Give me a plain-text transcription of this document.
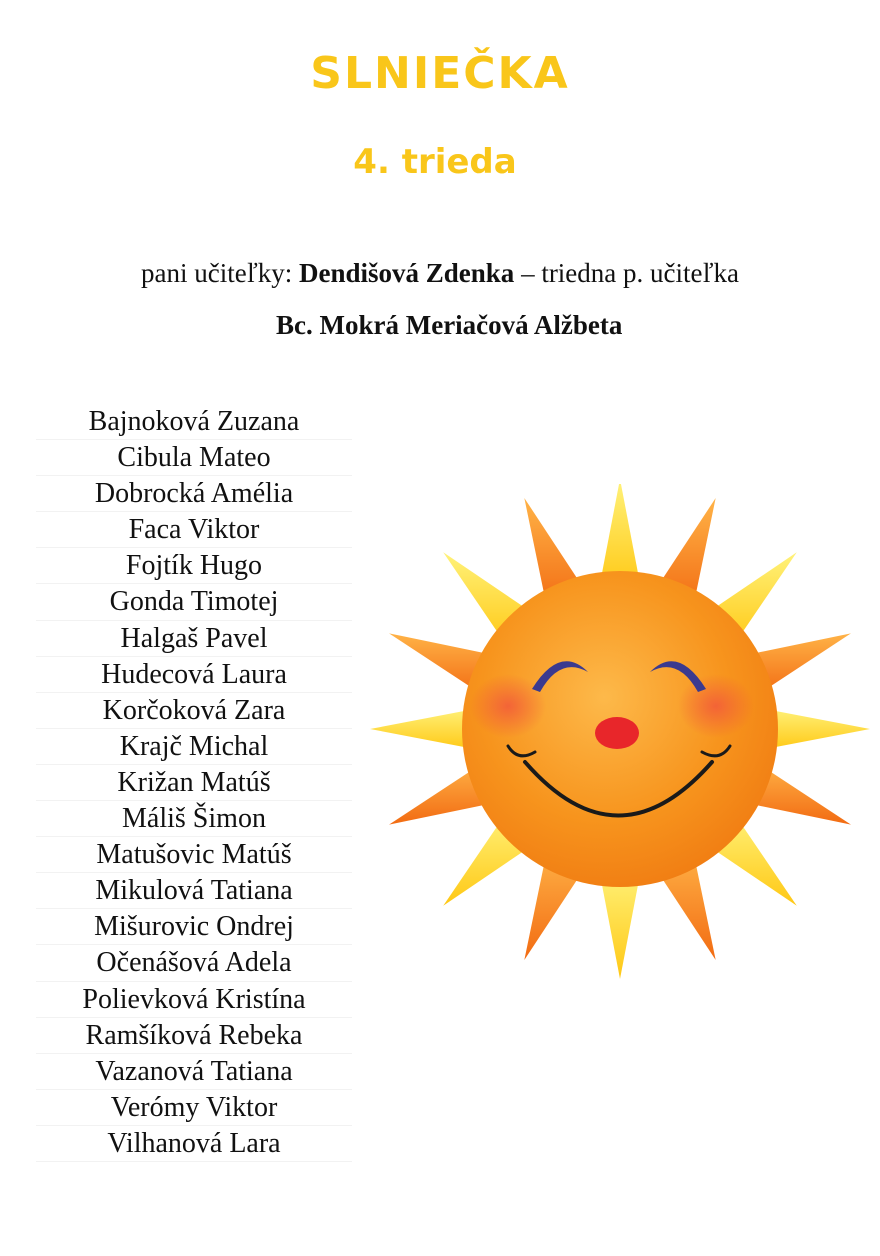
SLNIEČKA
4. trieda
pani učiteľky: Dendišová Zdenka – triedna p. učiteľka
Bc. Mokrá Meriačová Alžbeta
Bajnoková Zuzana
Cibula Mateo
Dobrocká Amélia
Faca Viktor
Fojtík Hugo
Gonda Timotej
Halgaš Pavel
Hudecová Laura
Korčoková Zara
Krajč Michal
Križan Matúš
Máliš Šimon
Matušovic Matúš
Mikulová Tatiana
Mišurovic Ondrej
Očenášová Adela
Polievková Kristína
Ramšíková Rebeka
Vazanová Tatiana
Verómy Viktor
Vilhanová Lara
